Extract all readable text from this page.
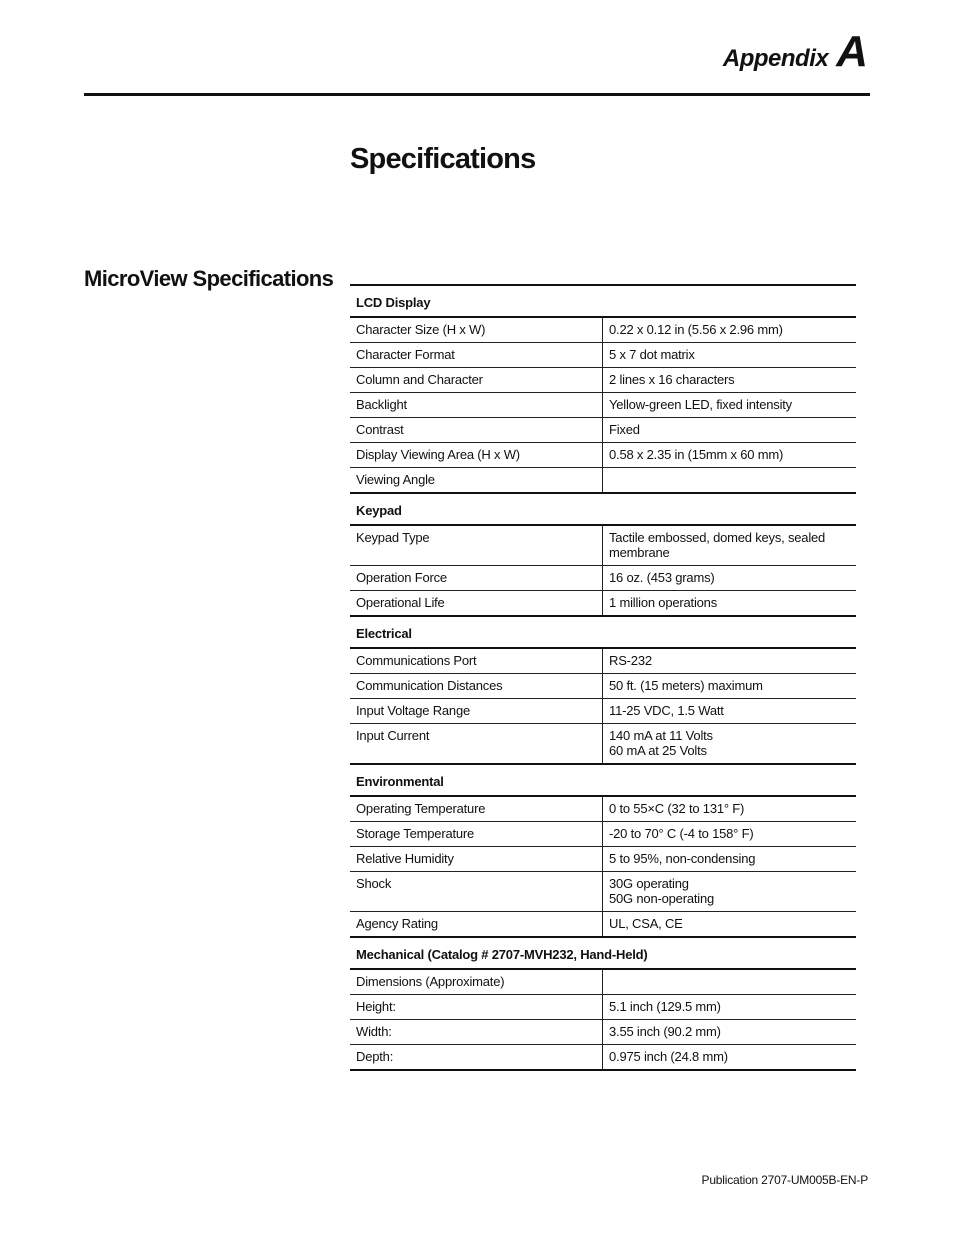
Appendix A
Specifications
MicroView Specifications
LCD Display
Character Size (H x W)	0.22 x 0.12 in (5.56 x 2.96 mm)
Character Format	5 x 7 dot matrix
Column and Character	2 lines x 16 characters
Backlight	Yellow-green LED, fixed intensity
Contrast	Fixed
Display Viewing Area (H x W)	0.58 x 2.35 in (15mm x 60 mm)
Viewing Angle

Keypad
Keypad Type	Tactile embossed, domed keys, sealed
membrane
Operation Force	16 oz. (453 grams)
Operational Life	1 million operations
Electrical
Communications Port	RS-232
Communication Distances	50 ft. (15 meters) maximum
Input Voltage Range	11-25 VDC, 1.5 Watt
Input Current	140 mA at 11 Volts
60 mA at 25 Volts
Environmental
Operating Temperature	0 to 55×C (32 to 131° F)
Storage Temperature	-20 to 70° C (-4 to 158° F)
Relative Humidity	5 to 95%, non-condensing
Shock	30G operating
50G non-operating
Agency Rating	UL, CSA, CE
Mechanical (Catalog # 2707-MVH232, Hand-Held)
Dimensions (Approximate)

Height:	5.1 inch (129.5 mm)
Width:	3.55 inch (90.2 mm)
Depth:	0.975 inch (24.8 mm)
Publication 2707-UM005B-EN-P
